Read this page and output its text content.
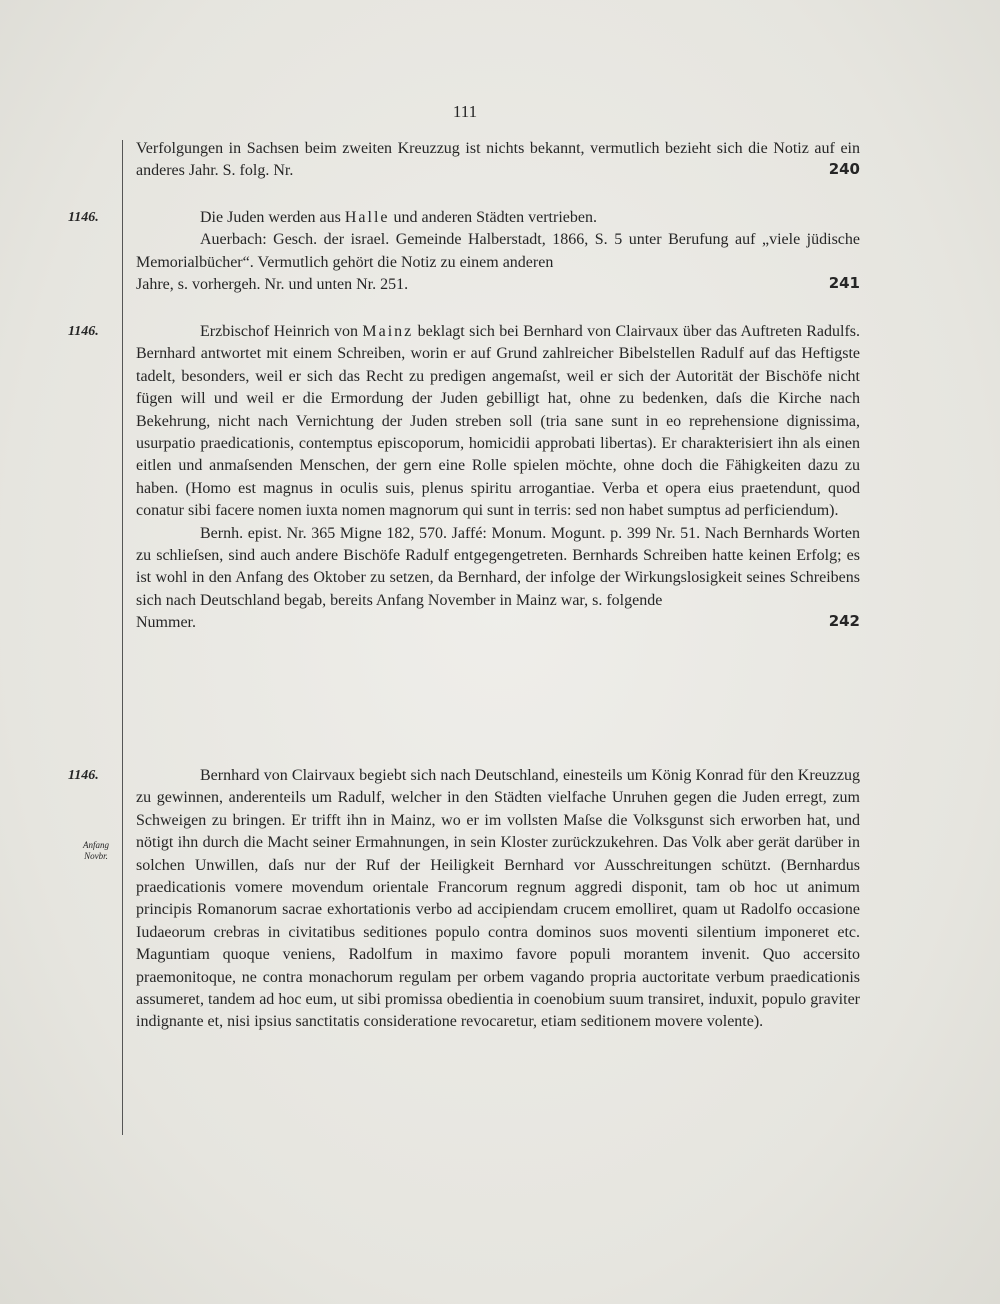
111

Verfolgungen in Sachsen beim zweiten Kreuzzug ist nichts bekannt, vermutlich bezieht sich die Notiz auf ein anderes Jahr. S. folg. Nr.	240

1146.	Die Juden werden aus Halle und anderen Städten vertrieben.

Auerbach: Gesch. der israel. Gemeinde Halberstadt, 1866, S. 5 unter Berufung auf „viele jüdische Memorialbücher“. Vermutlich gehört die Notiz zu einem anderen

Jahre, s. vorhergeh. Nr. und unten Nr. 251.	241

1146.	Erzbischof Heinrich von Mainz beklagt sich bei Bernhard von Clairvaux über das Auftreten Radulfs. Bernhard antwortet mit einem Schreiben, worin er auf Grund zahlreicher Bibelstellen Radulf auf das Heftigste tadelt, besonders, weil er sich das Recht zu predigen angemaſst, weil er sich der Autorität der Bischöfe nicht fügen will und weil er die Ermordung der Juden gebilligt hat, ohne zu bedenken, daſs die Kirche nach Bekehrung, nicht nach Vernichtung der Juden streben soll (tria sane sunt in eo reprehensione dignissima, usurpatio praedicationis, contemptus episcoporum, homicidii approbati libertas). Er charakterisiert ihn als einen eitlen und anmaſsenden Menschen, der gern eine Rolle spielen möchte, ohne doch die Fähigkeiten dazu zu haben. (Homo est magnus in oculis suis, plenus spiritu arrogantiae. Verba et opera eius praetendunt, quod conatur sibi facere nomen iuxta nomen magnorum qui sunt in terris: sed non habet sumptus ad perficiendum).

Bernh. epist. Nr. 365 Migne 182, 570. Jaffé: Monum. Mogunt. p. 399 Nr. 51. Nach Bernhards Worten zu schlieſsen, sind auch andere Bischöfe Radulf entgegengetreten. Bernhards Schreiben hatte keinen Erfolg; es ist wohl in den Anfang des Oktober zu setzen, da Bernhard, der infolge der Wirkungslosigkeit seines Schreibens sich nach Deutschland begab, bereits Anfang November in Mainz war, s. folgende

Nummer.	242

1146.
Anfang
Novbr.

Bernhard von Clairvaux begiebt sich nach Deutschland, einesteils um König Konrad für den Kreuzzug zu gewinnen, anderenteils um Radulf, welcher in den Städten vielfache Unruhen gegen die Juden erregt, zum Schweigen zu bringen. Er trifft ihn in Mainz, wo er im vollsten Maſse die Volksgunst sich erworben hat, und nötigt ihn durch die Macht seiner Ermahnungen, in sein Kloster zurückzukehren. Das Volk aber gerät darüber in solchen Unwillen, daſs nur der Ruf der Heiligkeit Bernhard vor Ausschreitungen schützt. (Bernhardus praedicationis vomere movendum orientale Francorum regnum aggredi disponit, tam ob hoc ut animum principis Romanorum sacrae exhortationis verbo ad accipiendam crucem emolliret, quam ut Radolfo occasione Iudaeorum crebras in civitatibus seditiones populo contra dominos suos moventi silentium imponeret etc. Maguntiam quoque veniens, Radolfum in maximo favore populi morantem invenit. Quo accersito praemonitoque, ne contra monachorum regulam per orbem vagando propria auctoritate verbum praedicationis assumeret, tandem ad hoc eum, ut sibi promissa obedientia in coenobium suum transiret, induxit, populo graviter indignante et, nisi ipsius sanctitatis consideratione revocaretur, etiam seditionem movere volente).
